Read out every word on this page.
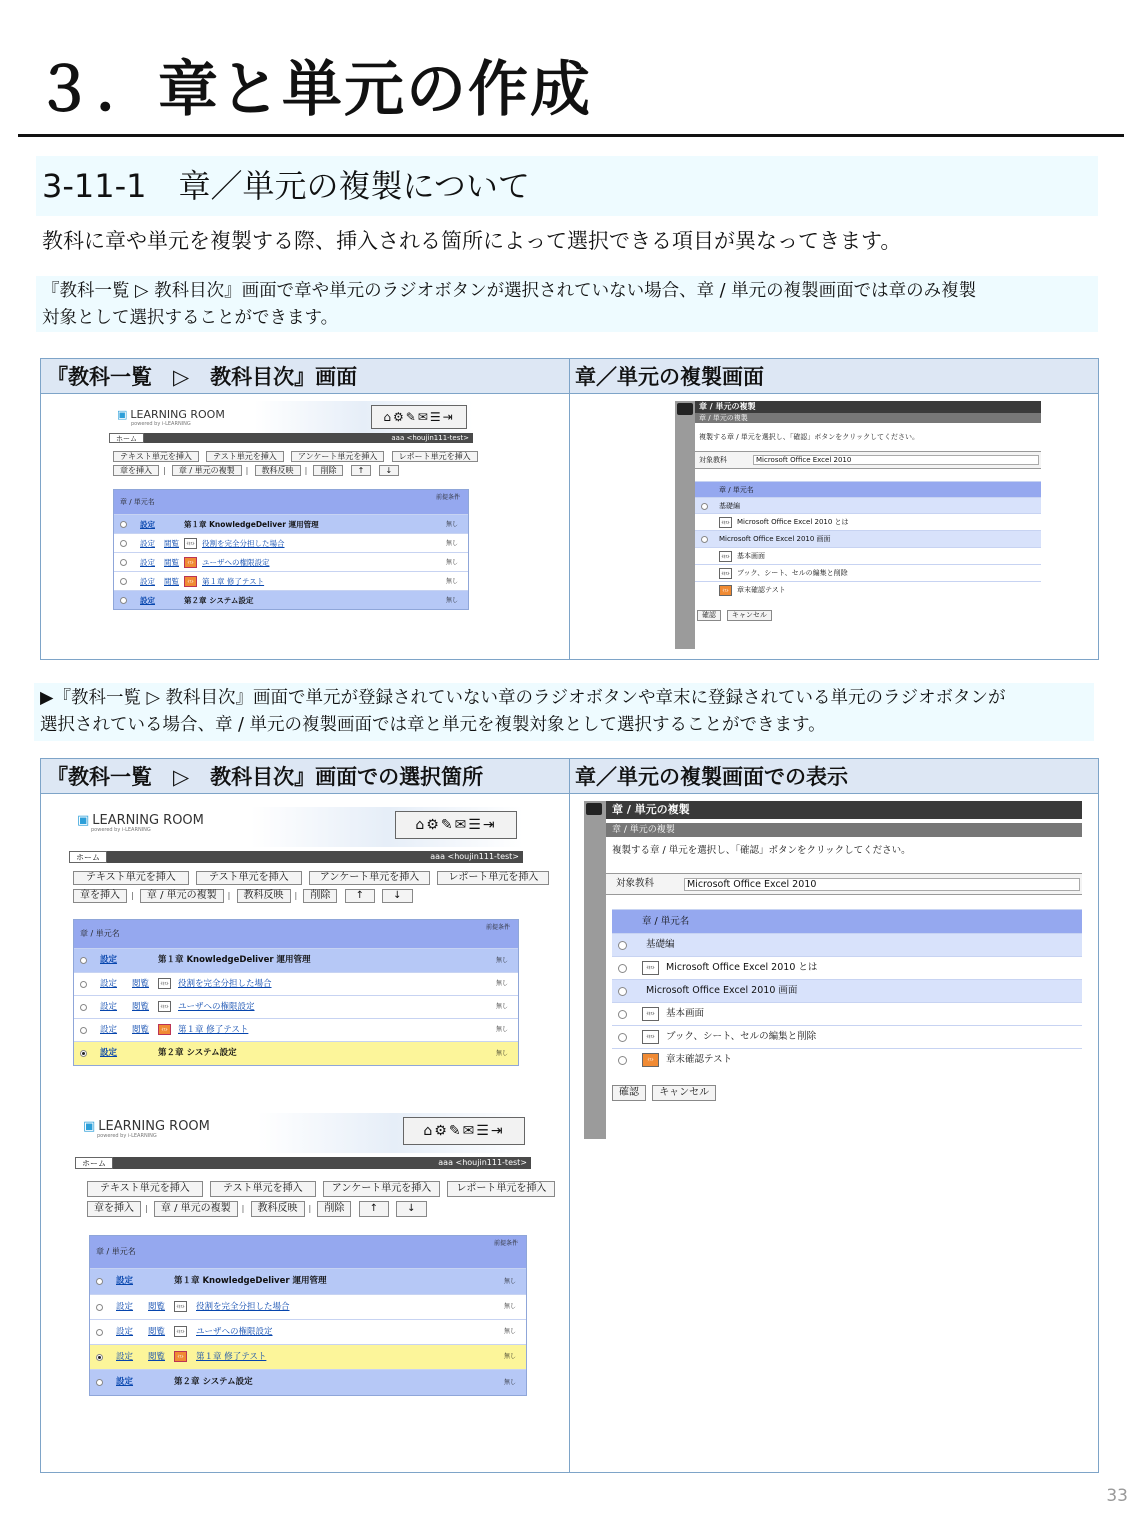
３．章と単元の作成
3-11-1　章／単元の複製について
教科に章や単元を複製する際、挿入される箇所によって選択できる項目が異なってきます。
『教科一覧 ▷ 教科目次』画面で章や単元のラジオボタンが選択されていない場合、章 / 単元の複製画面では章のみ複製
対象として選択することができます。
『教科一覧　▷　教科目次』画面	章／単元の複製画面
▣ LEARNING ROOM
powered by i-LEARNING	⌂⚙✎✉☰⇥
ホーム	aaa <houjin111-test>
テキスト単元を挿入	テスト単元を挿入	アンケート単元を挿入	レポート単元を挿入
章を挿入 | 章 / 単元の複製 | 教科反映 | 削除	↑	↓
章 / 単元名
前提条件
設定	第１章 KnowledgeDeliver 運用管理	無し
設定 閲覧	ﾃｷｽﾄ	役割を完全分担した場合	無し
設定 閲覧	ﾃｽﾄ	ユーザへの権限設定	無し
設定 閲覧	ﾃｽﾄ	第１章 修了テスト	無し
設定	第２章 システム設定	無し
章 / 単元の複製
章 / 単元の複製
複製する章 / 単元を選択し、「確認」ボタンをクリックしてください。
対象教科	Microsoft Office Excel 2010
章 / 単元名
基礎編
ﾃｷｽﾄ	Microsoft Office Excel 2010 とは
Microsoft Office Excel 2010 画面
ﾃｷｽﾄ	基本画面
ﾃｷｽﾄ	ブック、シート、セルの編集と削除
ﾃｽﾄ	章末確認テスト
確認 キャンセル
▶『教科一覧 ▷ 教科目次』画面で単元が登録されていない章のラジオボタンや章末に登録されている単元のラジオボタンが
選択されている場合、章 / 単元の複製画面では章と単元を複製対象として選択することができます。
『教科一覧　▷　教科目次』画面での選択箇所	章／単元の複製画面での表示
▣ LEARNING ROOM
powered by i-LEARNING	⌂⚙✎✉☰⇥
ホーム	aaa <houjin111-test>
テキスト単元を挿入	テスト単元を挿入	アンケート単元を挿入	レポート単元を挿入
章を挿入 | 章 / 単元の複製 | 教科反映 | 削除	↑	↓
章 / 単元名
前提条件
設定	第１章 KnowledgeDeliver 運用管理	無し
設定 閲覧	ﾃｷｽﾄ 役割を完全分担した場合	無し
設定 閲覧	ﾃｷｽﾄ ユーザへの権限設定	無し
設定 閲覧	ﾃｽﾄ	第１章 修了テスト	無し
設定	第２章 システム設定	無し
▣ LEARNING ROOM
powered by i-LEARNING	⌂⚙✎✉☰⇥
ホーム	aaa <houjin111-test>
テキスト単元を挿入	テスト単元を挿入	アンケート単元を挿入	レポート単元を挿入
章を挿入 | 章 / 単元の複製 | 教科反映 | 削除	↑	↓
章 / 単元名
前提条件
設定	第１章 KnowledgeDeliver 運用管理	無し
設定 閲覧	ﾃｷｽﾄ 役割を完全分担した場合	無し
設定 閲覧	ﾃｷｽﾄ ユーザへの権限設定	無し
設定 閲覧	ﾃｽﾄ	第１章 修了テスト	無し
設定	第２章 システム設定	無し
章 / 単元の複製
章 / 単元の複製
複製する章 / 単元を選択し、「確認」ボタンをクリックしてください。
対象教科	Microsoft Office Excel 2010
章 / 単元名
基礎編
ﾃｷｽﾄ	Microsoft Office Excel 2010 とは
Microsoft Office Excel 2010 画面
ﾃｷｽﾄ	基本画面
ﾃｷｽﾄ	ブック、シート、セルの編集と削除
ﾃｽﾄ	章末確認テスト
確認 キャンセル
33
